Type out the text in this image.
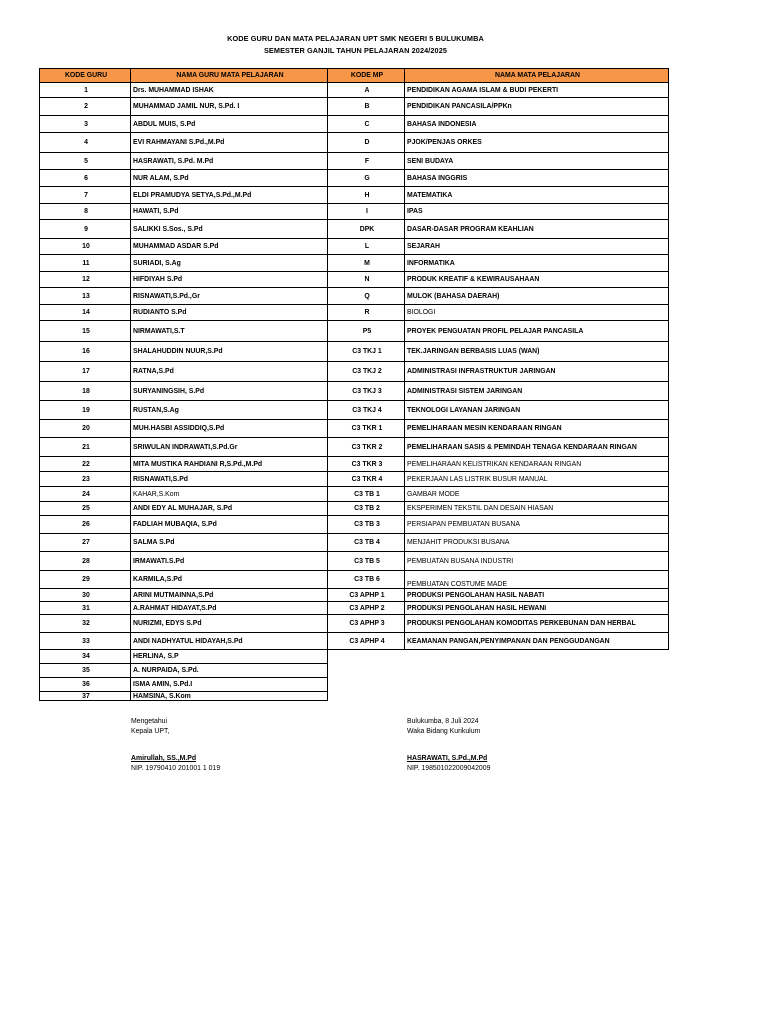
KODE GURU DAN MATA PELAJARAN UPT SMK NEGERI 5 BULUKUMBA
SEMESTER GANJIL TAHUN PELAJARAN 2024/2025
KODE GURU	NAMA GURU MATA PELAJARAN	KODE MP	NAMA MATA PELAJARAN
1	Drs. MUHAMMAD ISHAK	A	PENDIDIKAN AGAMA ISLAM & BUDI PEKERTI
2	MUHAMMAD JAMIL NUR, S.Pd. I	B	PENDIDIKAN PANCASILA/PPKn
3	ABDUL MUIS, S.Pd	C	BAHASA INDONESIA
4	EVI RAHMAYANI S.Pd.,M.Pd	D	PJOK/PENJAS ORKES
5	HASRAWATI, S.Pd. M.Pd	F	SENI BUDAYA
6	NUR ALAM, S.Pd	G	BAHASA INGGRIS
7	ELDI PRAMUDYA SETYA,S.Pd.,M.Pd	H	MATEMATIKA
8	HAWATI, S.Pd	I	IPAS
9	SALIKKI S.Sos., S.Pd	DPK	DASAR-DASAR PROGRAM KEAHLIAN
10	MUHAMMAD ASDAR S.Pd	L	SEJARAH
11	SURIADI, S.Ag	M	INFORMATIKA
12	HIFDIYAH S.Pd	N	PRODUK KREATIF & KEWIRAUSAHAAN
13	RISNAWATI,S.Pd.,Gr	Q	MULOK (BAHASA DAERAH)
14	RUDIANTO S.Pd	R	BIOLOGI
15	NIRMAWATI,S.T	P5	PROYEK PENGUATAN PROFIL PELAJAR PANCASILA
16	SHALAHUDDIN NUUR,S.Pd	C3 TKJ 1	TEK.JARINGAN BERBASIS LUAS (WAN)
17	RATNA,S.Pd	C3 TKJ 2	ADMINISTRASI INFRASTRUKTUR JARINGAN
18	SURYANINGSIH, S.Pd	C3 TKJ 3	ADMINISTRASI SISTEM JARINGAN
19	RUSTAN,S.Ag	C3 TKJ 4	TEKNOLOGI LAYANAN JARINGAN
20	MUH.HASBI ASSIDDIQ,S.Pd	C3 TKR 1	PEMELIHARAAN MESIN KENDARAAN RINGAN
21	SRIWULAN INDRAWATI,S.Pd.Gr	C3 TKR 2	PEMELIHARAAN SASIS & PEMINDAH TENAGA KENDARAAN RINGAN
22	MITA MUSTIKA RAHDIANI R,S.Pd.,M.Pd	C3 TKR 3	PEMELIHARAAN KELISTRIKAN KENDARAAN RINGAN
23	RISNAWATI,S.Pd	C3 TKR 4	PEKERJAAN LAS LISTRIK BUSUR MANUAL
24	KAHAR,S.Kom	C3 TB 1	GAMBAR MODE
25	ANDI EDY AL MUHAJAR, S.Pd	C3 TB 2	EKSPERIMEN TEKSTIL DAN DESAIN HIASAN
26	FADLIAH MUBAQIA, S.Pd	C3 TB 3	PERSIAPAN PEMBUATAN BUSANA
27	SALMA S.Pd	C3 TB 4	MENJAHIT PRODUKSI BUSANA
28	IRMAWATI.S.Pd	C3 TB 5	PEMBUATAN BUSANA INDUSTRI
29	KARMILA,S.Pd	C3 TB 6	PEMBUATAN COSTUME MADE
30	ARINI MUTMAINNA,S.Pd	C3 APHP 1	PRODUKSI PENGOLAHAN HASIL NABATI
31	A.RAHMAT HIDAYAT,S.Pd	C3 APHP 2	PRODUKSI PENGOLAHAN HASIL HEWANI
32	NURIZMI, EDYS S.Pd	C3 APHP 3	PRODUKSI PENGOLAHAN KOMODITAS PERKEBUNAN DAN HERBAL
33	ANDI NADHYATUL HIDAYAH,S.Pd	C3 APHP 4	KEAMANAN PANGAN,PENYIMPANAN DAN PENGGUDANGAN
34	HERLINA, S.P		
35	A. NURPAIDA, S.Pd.		
36	ISMA AMIN, S.Pd.I		
37	HAMSINA, S.Kom		
Mengetahui
Kepala UPT,
Amirullah, SS.,M.Pd
NIP. 19790410 201001 1 019
Bulukumba, 8 Juli 2024
Waka Bidang Kurikulum
HASRAWATI, S.Pd.,M.Pd
NIP. 198501022009042009
